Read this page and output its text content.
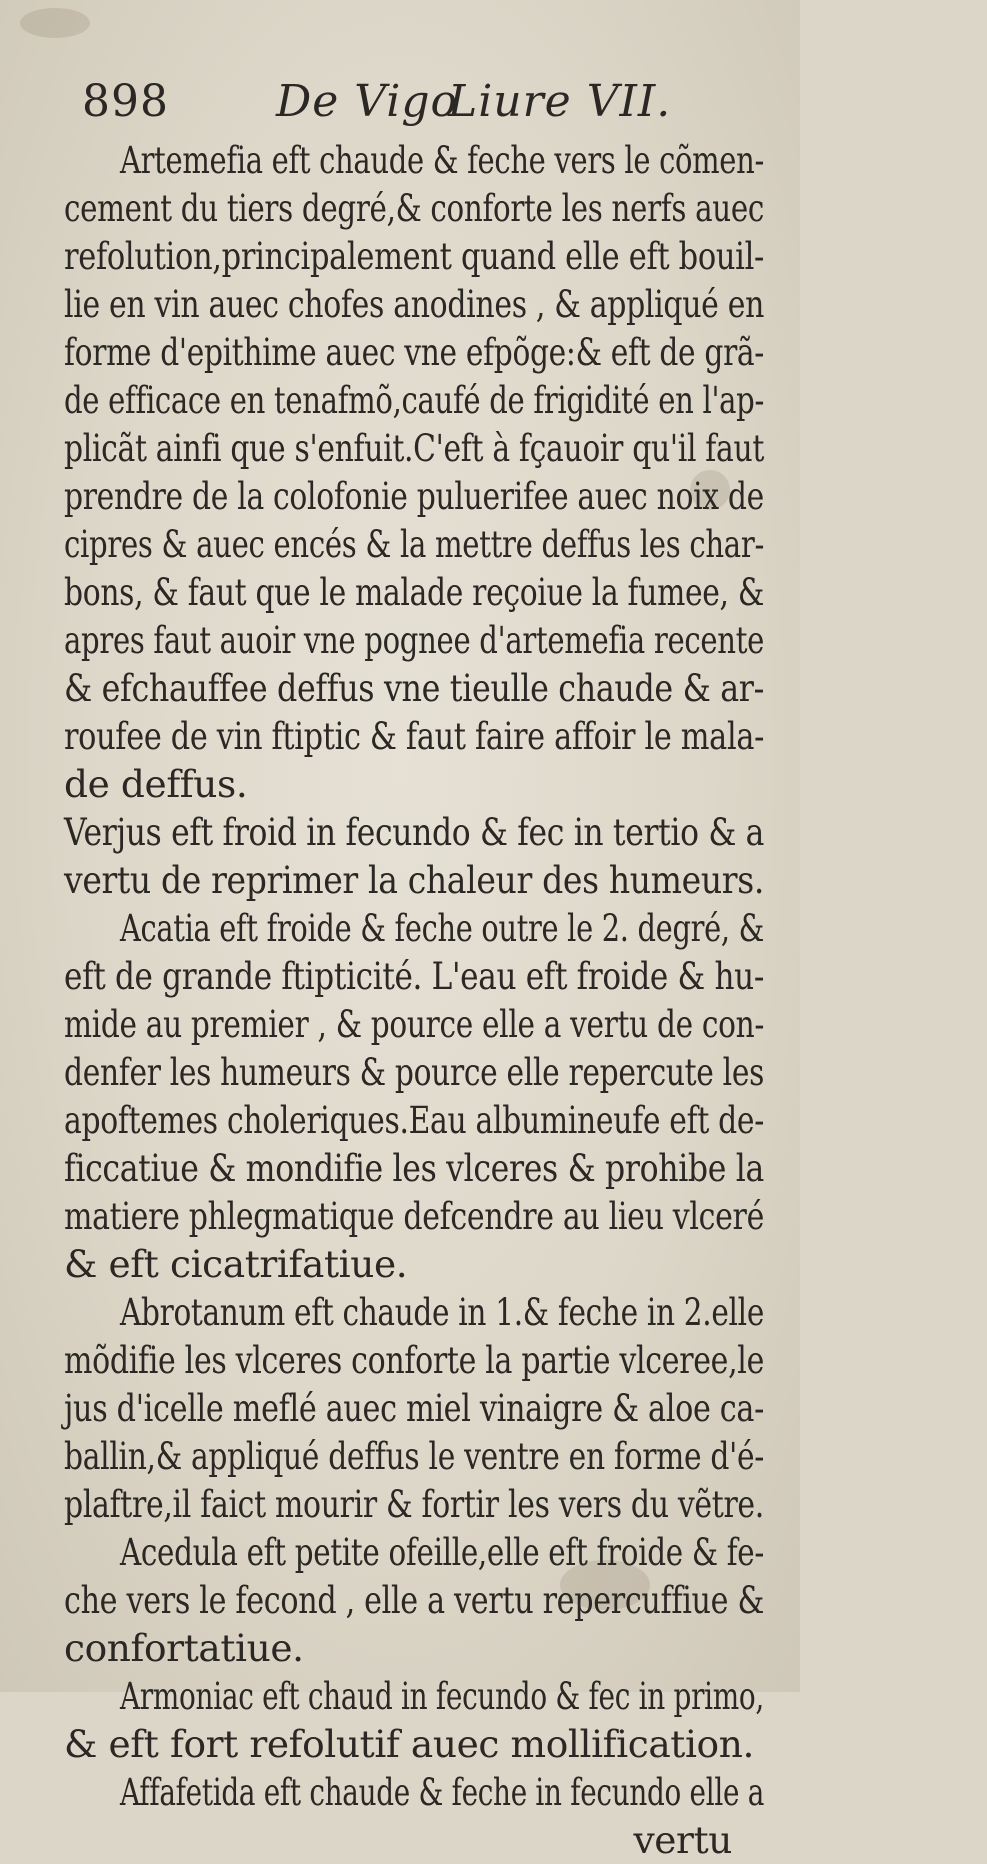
898 De Vigo
Liure VII.
Artemefia eft chaude & feche vers le cõmen-
cement du tiers degré,& conforte les nerfs auec
refolution,principalement quand elle eft bouil-
lie en vin auec chofes anodines , & appliqué en
forme d'epithime auec vne efpõge:& eft de grã-
de efficace en tenafmõ,caufé de frigidité en l'ap-
plicãt ainfi que s'enfuit.C'eft à fçauoir qu'il faut
prendre de la colofonie puluerifee auec noix de
cipres & auec encés & la mettre deffus les char-
bons, & faut que le malade reçoiue la fumee, &
apres faut auoir vne pognee d'artemefia recente
& efchauffee deffus vne tieulle chaude & ar-
roufee de vin ftiptic & faut faire affoir le mala-
de deffus.
Verjus eft froid in fecundo & fec in tertio & a
vertu de reprimer la chaleur des humeurs.
Acatia eft froide & feche outre le 2. degré, &
eft de grande ftipticité. L'eau eft froide & hu-
mide au premier , & pource elle a vertu de con-
denfer les humeurs & pource elle repercute les
apoftemes choleriques.Eau albumineufe eft de-
ficcatiue & mondifie les vlceres & prohibe la
matiere phlegmatique defcendre au lieu vlceré
& eft cicatrifatiue.
Abrotanum eft chaude in 1.& feche in 2.elle
mõdifie les vlceres conforte la partie vlceree,le
jus d'icelle meflé auec miel vinaigre & aloe ca-
ballin,& appliqué deffus le ventre en forme d'é-
plaftre,il faict mourir & fortir les vers du vẽtre.
Acedula eft petite ofeille,elle eft froide & fe-
che vers le fecond , elle a vertu repercuffiue &
confortatiue.
Armoniac eft chaud in fecundo & fec in primo,
& eft fort refolutif auec mollification.
Affafetida eft chaude & feche in fecundo elle a
vertu
